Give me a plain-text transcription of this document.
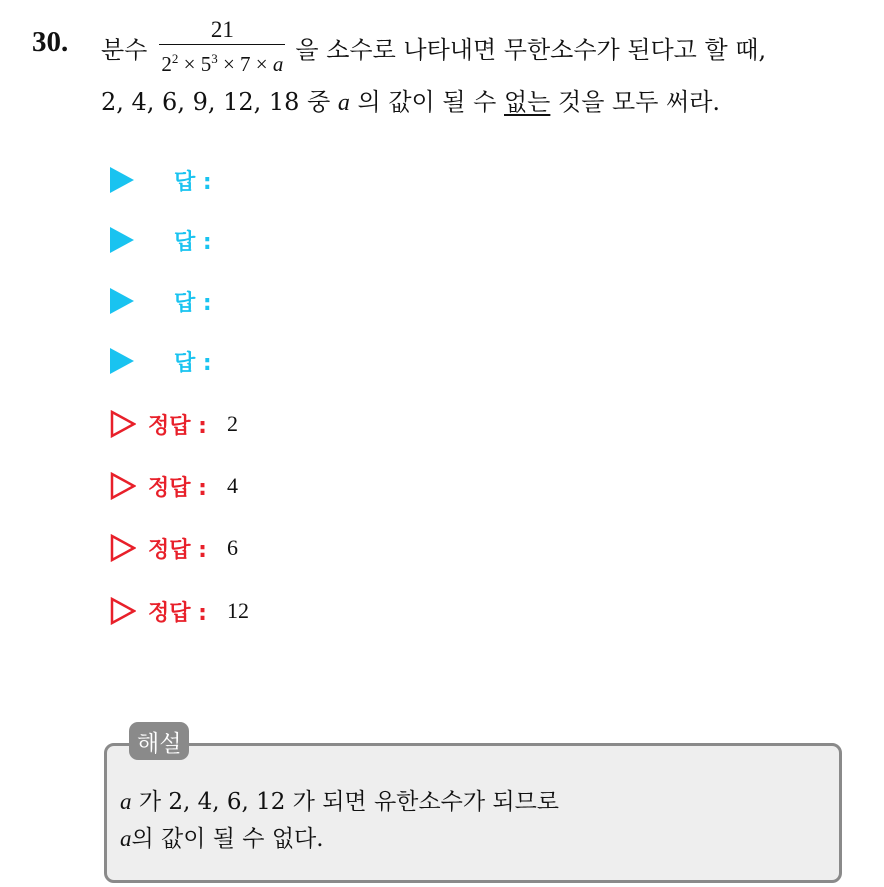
30. 분수 $\frac{21}{2^2 \times 5^3 \times 7 \times a}$ 을 소수로 나타내면 무한소수가 된다고 할 때,
2, 4, 6, 9, 12, 18 중 a 의 값이 될 수 없는 것을 모두 써라.
답 :
답 :
답 :
답 :
정답 : 2
정답 : 4
정답 : 6
정답 : 12
해설
a 가 2, 4, 6, 12 가 되면 유한소수가 되므로
a의 값이 될 수 없다.
